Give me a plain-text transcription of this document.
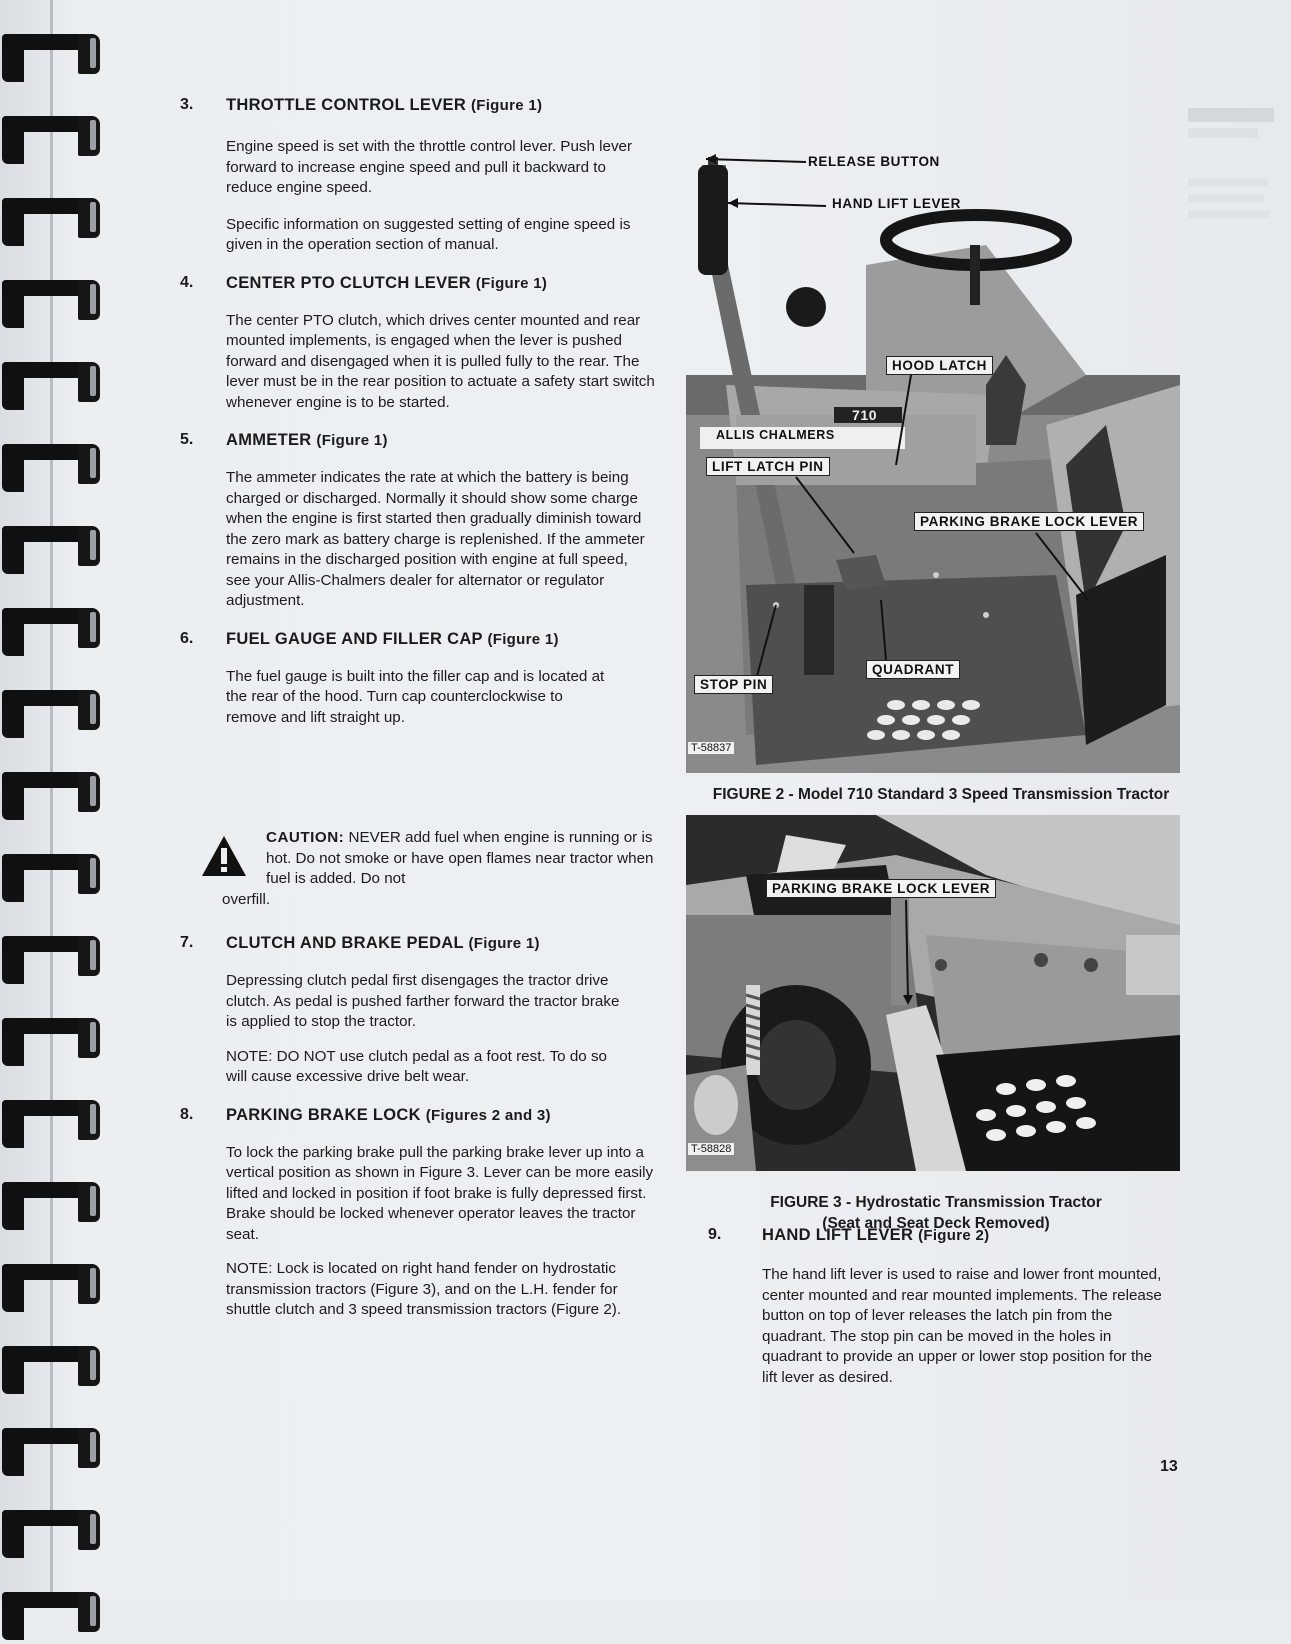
3. THROTTLE CONTROL LEVER (Figure 1)

Engine speed is set with the throttle control lever. Push lever forward to increase engine speed and pull it backward to reduce engine speed.

Specific information on suggested setting of engine speed is given in the operation section of manual.

4. CENTER PTO CLUTCH LEVER (Figure 1)

The center PTO clutch, which drives center mounted and rear mounted implements, is engaged when the lever is pushed forward and disengaged when it is pulled fully to the rear. The lever must be in the rear position to actuate a safety start switch whenever engine is to be started.

5. AMMETER (Figure 1)

The ammeter indicates the rate at which the battery is being charged or discharged. Normally it should show some charge when the engine is first started then gradually diminish toward the zero mark as battery charge is replenished. If the ammeter remains in the discharged position with engine at full speed, see your Allis-Chalmers dealer for alternator or regulator adjustment.

6. FUEL GAUGE AND FILLER CAP (Figure 1)

The fuel gauge is built into the filler cap and is located at the rear of the hood. Turn cap counterclockwise to remove and lift straight up.

CAUTION: NEVER add fuel when engine is running or is hot. Do not smoke or have open flames near tractor when fuel is added. Do not
overfill.
7. CLUTCH AND BRAKE PEDAL (Figure 1)

Depressing clutch pedal first disengages the tractor drive clutch. As pedal is pushed farther forward the tractor brake is applied to stop the tractor.

NOTE: DO NOT use clutch pedal as a foot rest. To do so will cause excessive drive belt wear.

8. PARKING BRAKE LOCK (Figures 2 and 3)

To lock the parking brake pull the parking brake lever up into a vertical position as shown in Figure 3. Lever can be more easily lifted and locked in position if foot brake is fully depressed first. Brake should be locked whenever operator leaves the tractor seat.

NOTE: Lock is located on right hand fender on hydrostatic transmission tractors (Figure 3), and on the L.H. fender for shuttle clutch and 3 speed transmission tractors (Figure 2).

RELEASE BUTTON
HAND LIFT LEVER
HOOD LATCH
710
ALLIS CHALMERS
LIFT LATCH PIN
PARKING BRAKE LOCK LEVER
QUADRANT
STOP PIN
T-58837
FIGURE 2 - Model 710 Standard 3 Speed Transmission Tractor
PARKING BRAKE LOCK LEVER
T-58828
FIGURE 3 - Hydrostatic Transmission Tractor
(Seat and Seat Deck Removed)
9. HAND LIFT LEVER (Figure 2)

The hand lift lever is used to raise and lower front mounted, center mounted and rear mounted implements. The release button on top of lever releases the latch pin from the quadrant. The stop pin can be moved in the holes in quadrant to provide an upper or lower stop position for the lift lever as desired.

13
